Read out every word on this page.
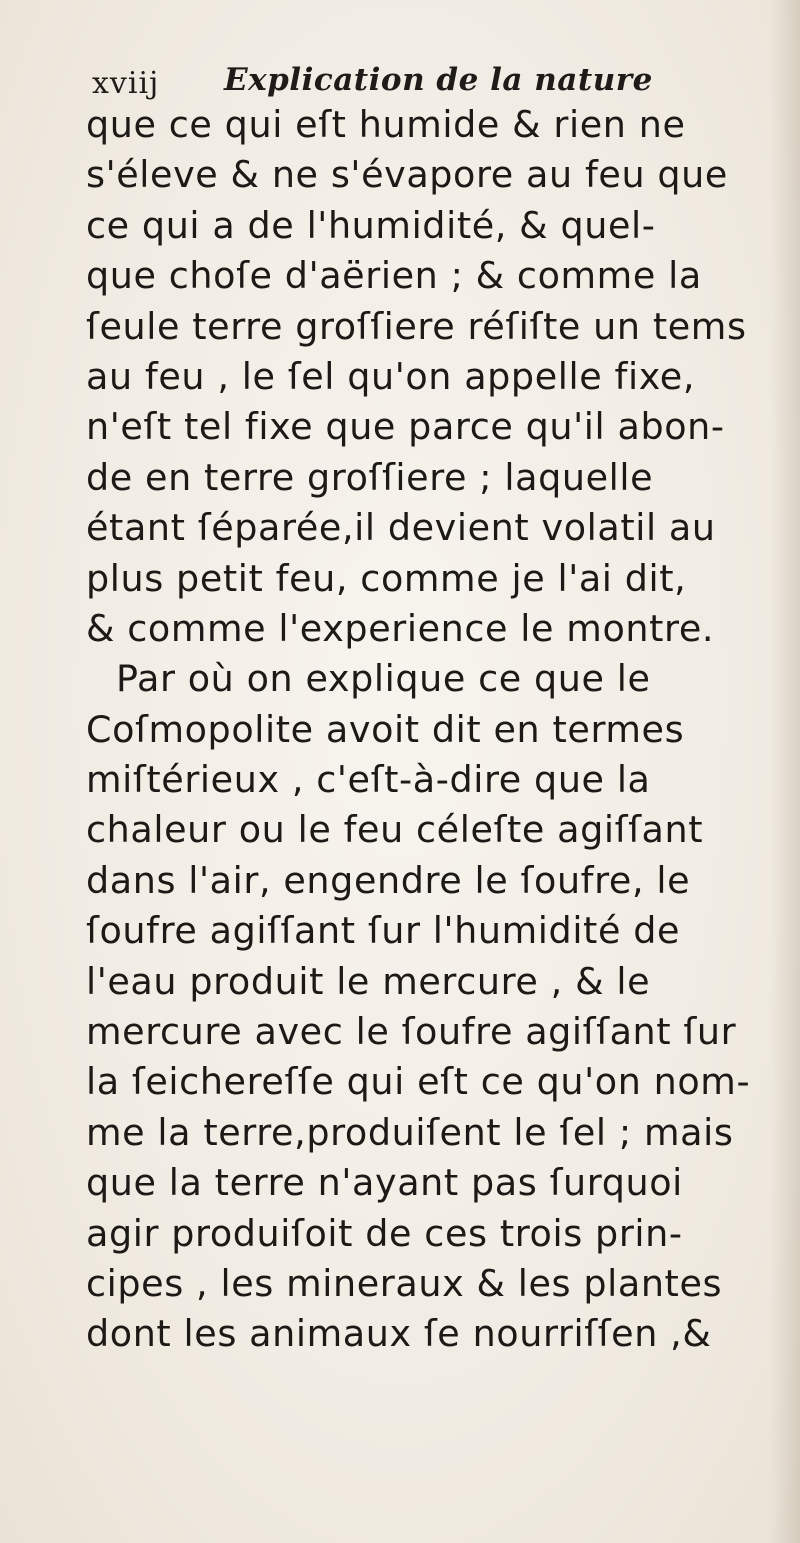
xviij Explication de la nature
que ce qui eſt humide & rien ne
s'éleve & ne s'évapore au feu que
ce qui a de l'humidité, & quel-
que choſe d'aërien ; & comme la
ſeule terre groſſiere réſiſte un tems
au feu , le ſel qu'on appelle fixe,
n'eſt tel fixe que parce qu'il abon-
de en terre groſſiere ; laquelle
étant ſéparée,il devient volatil au
plus petit feu, comme je l'ai dit,
& comme l'experience le montre.
Par où on explique ce que le
Coſmopolite avoit dit en termes
miſtérieux , c'eſt-à-dire que la
chaleur ou le feu céleſte agiſſant
dans l'air, engendre le ſoufre, le
ſoufre agiſſant ſur l'humidité de
l'eau produit le mercure , & le
mercure avec le ſoufre agiſſant ſur
la ſeichereſſe qui eſt ce qu'on nom-
me la terre,produiſent le ſel ; mais
que la terre n'ayant pas ſurquoi
agir produiſoit de ces trois prin-
cipes , les mineraux & les plantes
dont les animaux ſe nourriſſen ,&
